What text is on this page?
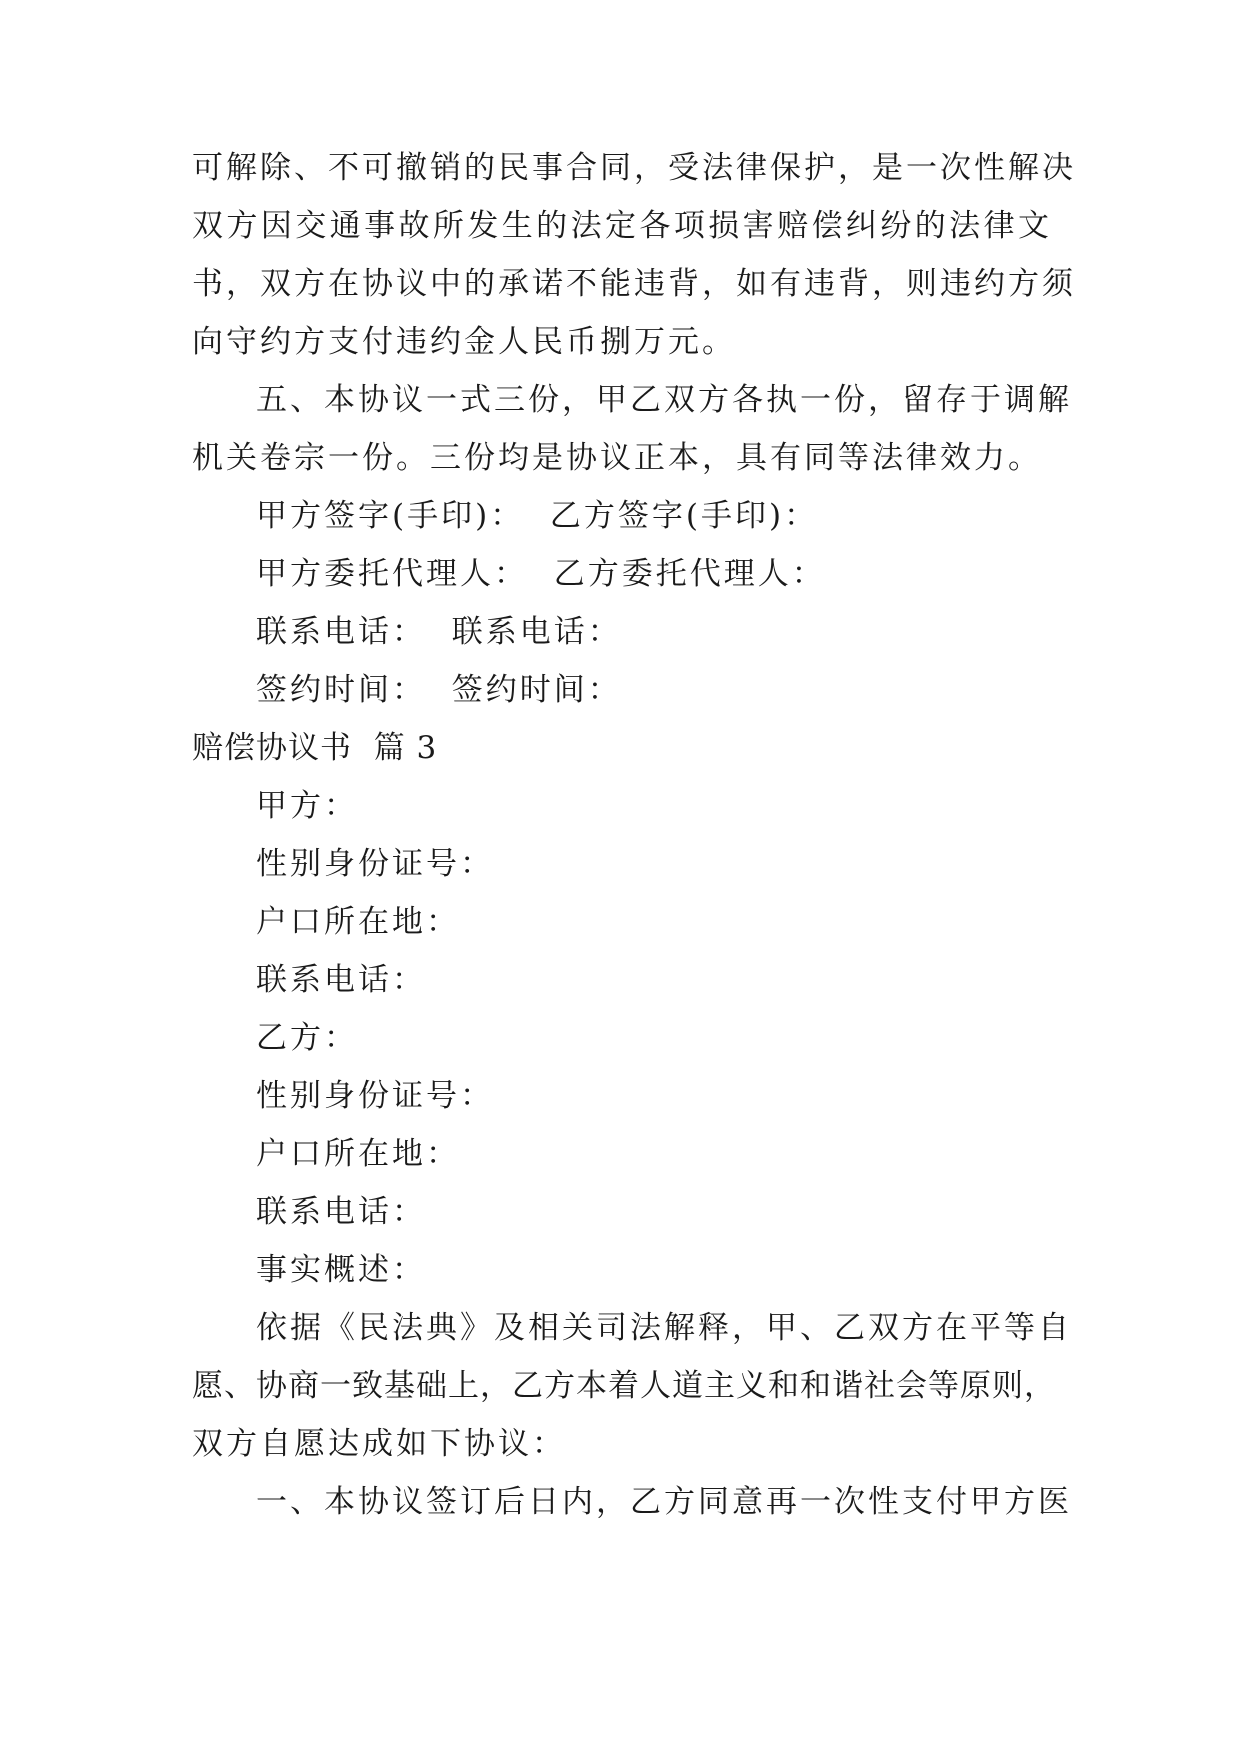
可解除、不可撤销的民事合同，受法律保护，是一次性解决
双方因交通事故所发生的法定各项损害赔偿纠纷的法律文
书，双方在协议中的承诺不能违背，如有违背，则违约方须
向守约方支付违约金人民币捌万元。
五、本协议一式三份，甲乙双方各执一份，留存于调解
机关卷宗一份。三份均是协议正本，具有同等法律效力。
甲方签字(手印)：  乙方签字(手印)：
甲方委托代理人：  乙方委托代理人：
联系电话：  联系电话：
签约时间：  签约时间：
赔偿协议书  篇 3
甲方：
性别身份证号：
户口所在地：
联系电话：
乙方：
性别身份证号：
户口所在地：
联系电话：
事实概述：
依据《民法典》及相关司法解释，甲、乙双方在平等自
愿、协商一致基础上，乙方本着人道主义和和谐社会等原则，
双方自愿达成如下协议：
一、本协议签订后日内，乙方同意再一次性支付甲方医
